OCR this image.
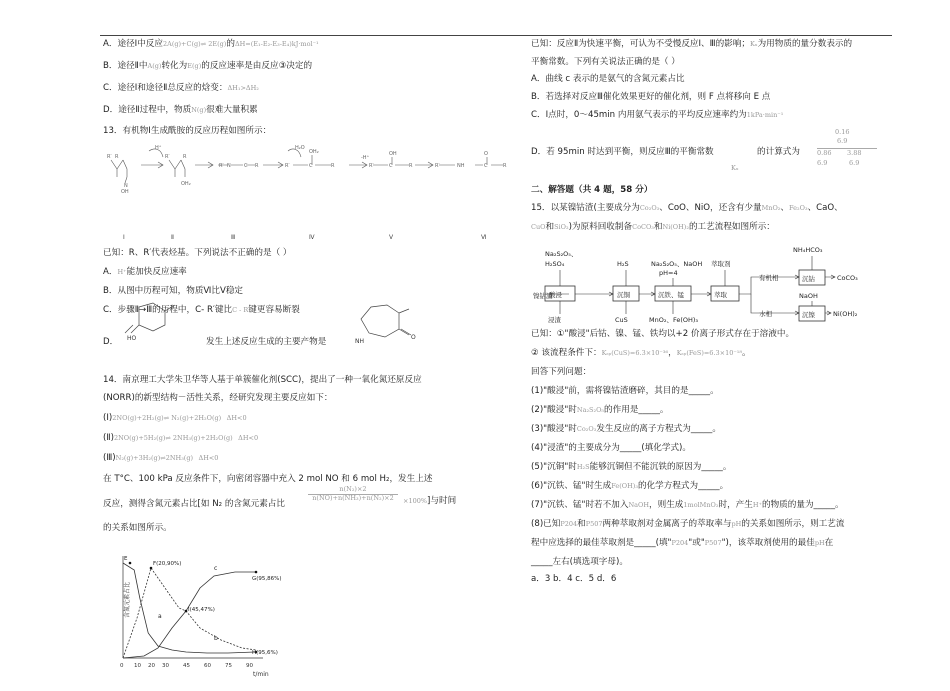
A．途径Ⅰ中反应2A(g)+C(g)⇌ 2E(g)的ΔH=(E₁-E₂-E₃-E₄)kJ·mol⁻¹
B．途径Ⅱ中A(g)转化为E(g)的反应速率是由反应③决定的
C．途径Ⅰ和途径Ⅱ总反应的焓变：ΔH₁>ΔH₂
D．途径Ⅱ过程中，物质N(g)很难大量积累
13．有机物Ⅰ生成酰胺的反应历程如图所示：
R′ R
N
OH
R′	R
OH₂
R′ N	C R	R′
OH₂
C	R	R′
OH
C	R	R′	NH
O
C	R
H⁺	H₂O
-H⁺
Ⅰ	Ⅱ	Ⅲ	Ⅳ	Ⅴ	Ⅵ
已知：R、R′代表烃基。下列说法不正确的是（ ）
A．H⁺能加快反应速率
B．从图中历程可知，物质Ⅵ比Ⅴ稳定
C．步骤Ⅱ→Ⅲ的历程中，C- R′键比C - R键更容易断裂
D． HO	发生上述反应生成的主要产物是	NH
O
14．南京理工大学朱卫华等人基于单簇催化剂(SCC)，提出了一种一氧化氮还原反应
(NORR)的新型结构－活性关系，经研究发现主要反应如下：
(Ⅰ)2NO(g)+2H₂(g)⇌ N₂(g)+2H₂O(g) ΔH<0
(Ⅱ)2NO(g)+5H₂(g)⇌ 2NH₃(g)+2H₂O(g) ΔH<0
(Ⅲ)N₂(g)+3H₂(g)⇌2NH₃(g) ΔH<0
在 T°C、100 kPa 反应条件下，向密闭容器中充入 2 mol NO 和 6 mol H₂，发生上述
反应，测得含氮元素占比[如 N₂ 的含氮元素占比
n(N₂)×2
n(NO)+n(NH₃)+n(N₂)×2	×100%]与时间
的关系如图所示。
含氮元素占比
t/min
0 10 20 30	45	60	75	90
a
b
c
E
F(20,90%)
I(45,47%)
G(95,86%)
H(95,6%)
已知：反应Ⅱ为快速平衡，可认为不受慢反应Ⅰ、Ⅲ的影响；Kₓ为用物质的量分数表示的
平衡常数。下列有关说法正确的是（ ）
A．曲线 c 表示的是氨气的含氮元素占比
B．若选择对反应Ⅲ催化效果更好的催化剂，则 F 点将移向 E 点
C．Ⅰ点时，0～45min 内用氨气表示的平均反应速率约为1kPa·min⁻¹
D．若 95min 时达到平衡，则反应Ⅲ的平衡常数
Kₓ
的计算式为
0.16
6.9
0.86
6.9
3.88
6.9
二、解答题（共 4 题，58 分）
15．以某镍钴渣(主要成分为Co₂O₃、CoO、NiO，还含有少量MnO₂、Fe₂O₃、CaO、
CuO和SiO₂)为原料回收制备CoCO₃和Ni(OH)₂的工艺流程如图所示：
镍钴渣
Na₂S₂O₅、
H₂SO₄	H₂S	Na₂S₂O₅、NaOH
pH=4
萃取剂
NH₄HCO₃
NaOH
有机相
水相
浸渣	CuS	MnO₂、Fe(OH)₃
CoCO₃
Ni(OH)₂
酸浸	沉铜	沉铁、锰	萃取
沉钴
沉镍
已知：①"酸浸"后钴、镍、锰、铁均以+2 价离子形式存在于溶液中。
② 该流程条件下：Kₛₚ(CuS)=6.3×10⁻³⁶，Kₛₚ(FeS)=6.3×10⁻¹⁸。
回答下列问题：
(1)"酸浸"前，需将镍钴渣磨碎，其目的是_____。
(2)"酸浸"时Na₂S₂O₅的作用是_____。
(3)"酸浸"时Co₂O₃发生反应的离子方程式为_____。
(4)"浸渣"的主要成分为_____(填化学式)。
(5)"沉铜"时H₂S能够沉铜但不能沉铁的原因为_____。
(6)"沉铁、锰"时生成Fe(OH)₃的化学方程式为_____。
(7)"沉铁、锰"时若不加入NaOH，则生成1molMnO₂时，产生H⁺的物质的量为_____。
(8)已知P204和P507两种萃取剂对金属离子的萃取率与pH的关系如图所示，则工艺流
程中应选择的最佳萃取剂是_____(填"P204"或"P507")，该萃取剂使用的最佳pH在
_____左右(填选项字母)。
a．3 b．4 c．5 d．6
